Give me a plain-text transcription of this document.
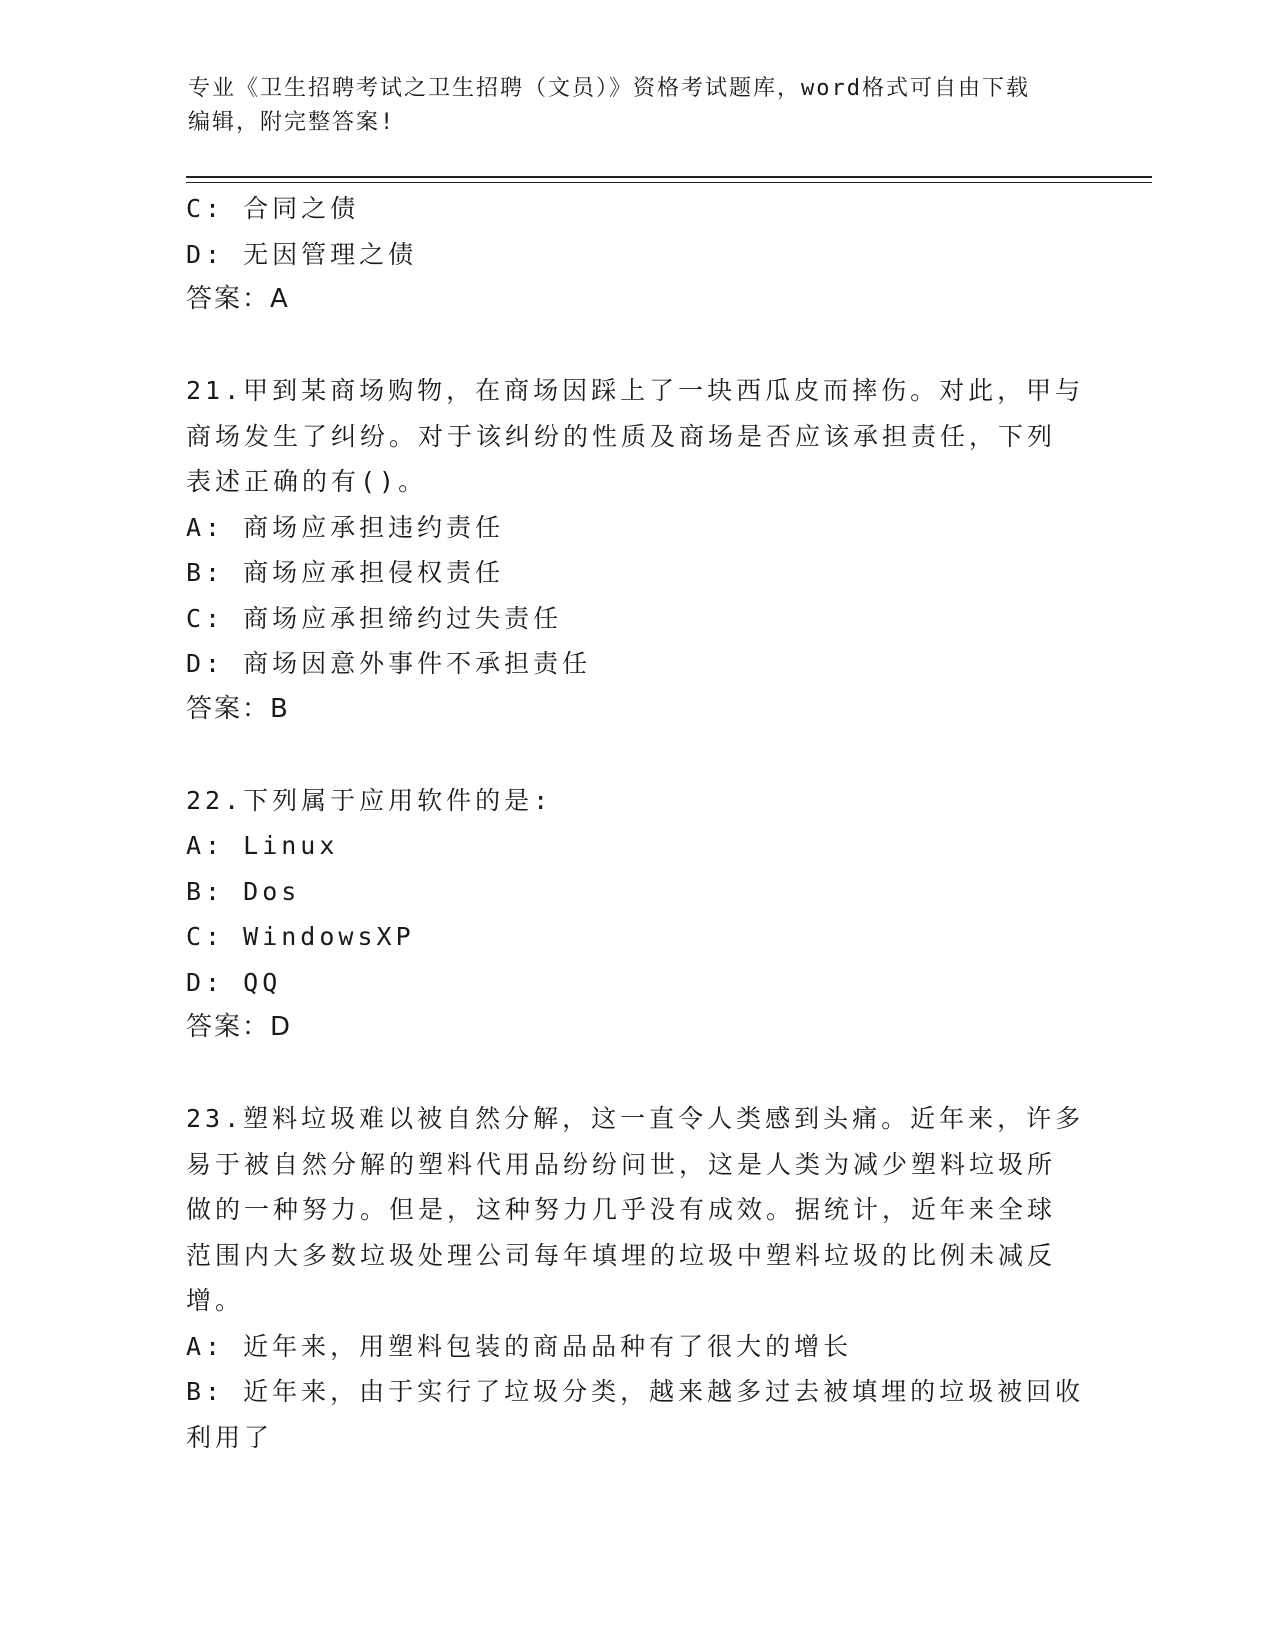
专业《卫生招聘考试之卫生招聘（文员）》资格考试题库，word格式可自由下载
编辑，附完整答案!
C: 合同之债
D: 无因管理之债
答案：A
21.甲到某商场购物，在商场因踩上了一块西瓜皮而摔伤。对此，甲与
商场发生了纠纷。对于该纠纷的性质及商场是否应该承担责任，下列
表述正确的有()。
A: 商场应承担违约责任
B: 商场应承担侵权责任
C: 商场应承担缔约过失责任
D: 商场因意外事件不承担责任
答案：B
22.下列属于应用软件的是:
A: Linux
B: Dos
C: WindowsXP
D: QQ
答案：D
23.塑料垃圾难以被自然分解，这一直令人类感到头痛。近年来，许多
易于被自然分解的塑料代用品纷纷问世，这是人类为减少塑料垃圾所
做的一种努力。但是，这种努力几乎没有成效。据统计，近年来全球
范围内大多数垃圾处理公司每年填埋的垃圾中塑料垃圾的比例未减反
增。
A: 近年来，用塑料包装的商品品种有了很大的增长
B: 近年来，由于实行了垃圾分类，越来越多过去被填埋的垃圾被回收
利用了
